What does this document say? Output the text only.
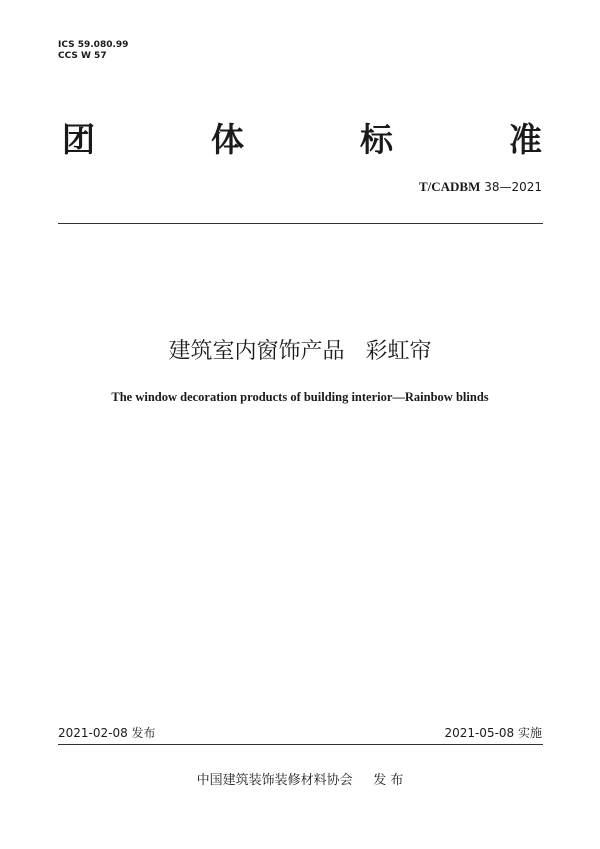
ICS 59.080.99
CCS W 57
团	体	标	准
T/CADBM 38—2021
建筑室内窗饰产品   彩虹帘
The window decoration products of building interior—Rainbow blinds
2021-02-08 发布	2021-05-08 实施
中国建筑装饰装修材料协会     发 布
